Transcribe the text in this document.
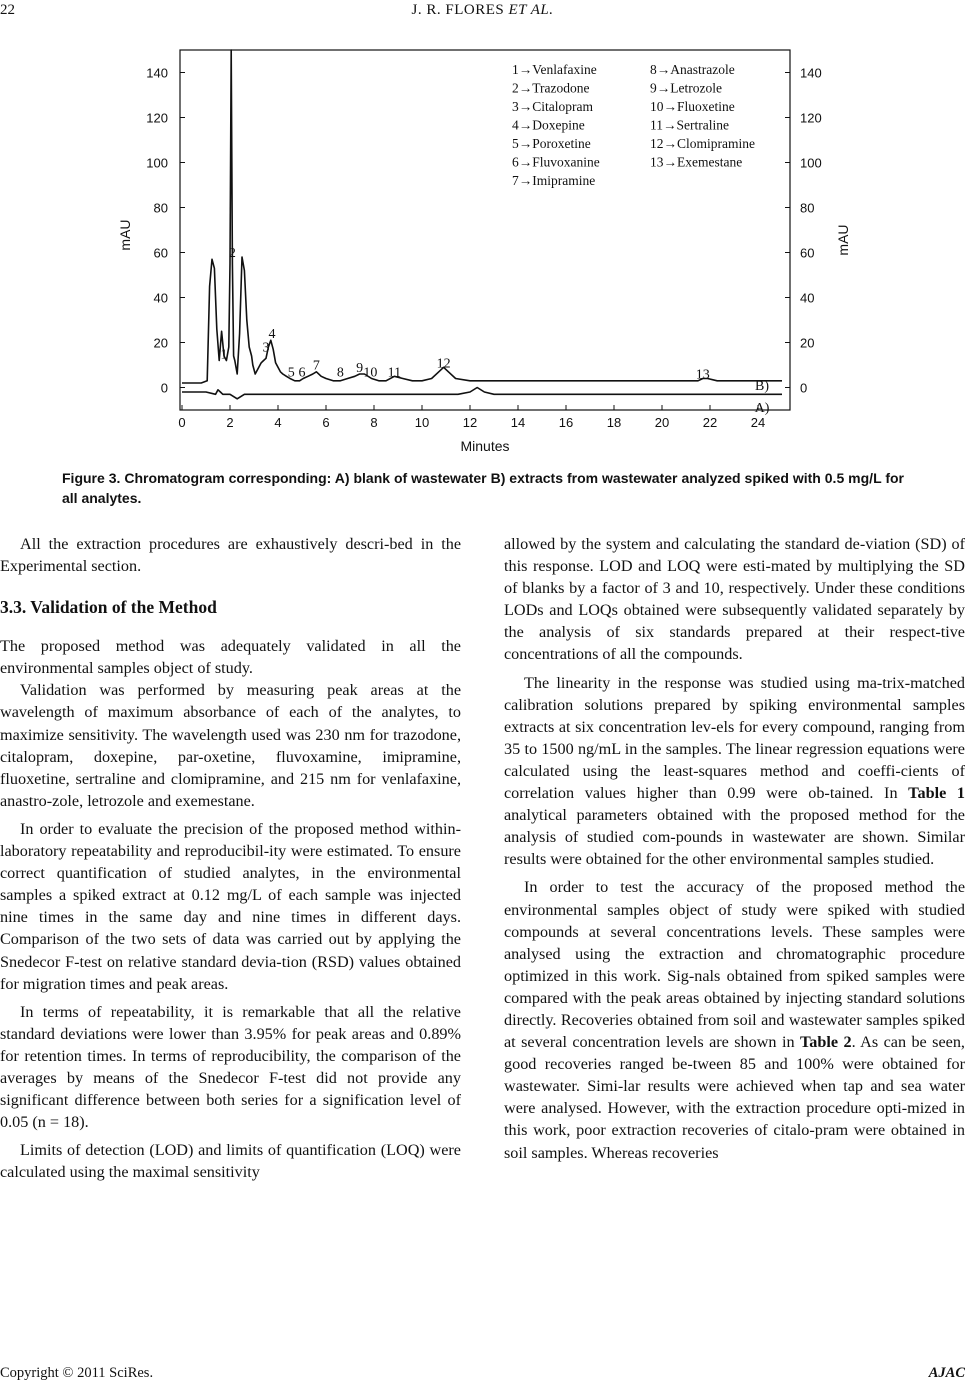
22	J. R. FLORES ET AL.
0	2	4	6	8	10	12	14	16	18	20	22	24
0	0
20	20
40	40
60	60
80	80
100	100
120	120
140	140
B)
A)
1
2
3
4
5 6 7 8 9 10 11
12
13
1→Venlafaxine
2→Trazodone
3→Citalopram
4→Doxepine
5→Poroxetine
6→Fluvoxanine
7→Imipramine
8→Anastrazole
9→Letrozole
10→Fluoxetine
11→Sertraline
12→Clomipramine
13→Exemestane
Minutes
mAU	mAU
Figure 3. Chromatogram corresponding: A) blank of wastewater B) extracts from wastewater analyzed spiked with 0.5 mg/L for all analytes.

All the extraction procedures are exhaustively descri-bed in the Experimental section.

3.3. Validation of the Method

The proposed method was adequately validated in all the environmental samples object of study.

Validation was performed by measuring peak areas at the wavelength of maximum absorbance of each of the analytes, to maximize sensitivity. The wavelength used was 230 nm for trazodone, citalopram, doxepine, par-oxetine, fluvoxamine, imipramine, fluoxetine, sertraline and clomipramine, and 215 nm for venlafaxine, anastro-zole, letrozole and exemestane.

In order to evaluate the precision of the proposed method within-laboratory repeatability and reproducibil-ity were estimated. To ensure correct quantification of studied analytes, in the environmental samples a spiked extract at 0.12 mg/L of each sample was injected nine times in the same day and nine times in different days. Comparison of the two sets of data was carried out by applying the Snedecor F-test on relative standard devia-tion (RSD) values obtained for migration times and peak areas.

In terms of repeatability, it is remarkable that all the relative standard deviations were lower than 3.95% for peak areas and 0.89% for retention times. In terms of reproducibility, the comparison of the averages by means of the Snedecor F-test did not provide any significant difference between both series for a signification level of 0.05 (n = 18).

Limits of detection (LOD) and limits of quantification (LOQ) were calculated using the maximal sensitivity

allowed by the system and calculating the standard de-viation (SD) of this response. LOD and LOQ were esti-mated by multiplying the SD of blanks by a factor of 3 and 10, respectively. Under these conditions LODs and LOQs obtained were subsequently validated separately by the analysis of six standards prepared at their respect-tive concentrations of all the compounds.

The linearity in the response was studied using ma-trix-matched calibration solutions prepared by spiking environmental samples extracts at six concentration lev-els for every compound, ranging from 35 to 1500 ng/mL in the samples. The linear regression equations were calculated using the least-squares method and coeffi-cients of correlation values higher than 0.99 were ob-tained. In Table 1 analytical parameters obtained with the proposed method for the analysis of studied com-pounds in wastewater are shown. Similar results were obtained for the other environmental samples studied.

In order to test the accuracy of the proposed method the environmental samples object of study were spiked with studied compounds at several concentrations levels. These samples were analysed using the extraction and chromatographic procedure optimized in this work. Sig-nals obtained from spiked samples were compared with the peak areas obtained by injecting standard solutions directly. Recoveries obtained from soil and wastewater samples spiked at several concentration levels are shown in Table 2. As can be seen, good recoveries ranged be-tween 85 and 100% were obtained for wastewater. Simi-lar results were achieved when tap and sea water were analysed. However, with the extraction procedure opti-mized in this work, poor extraction recoveries of citalo-pram were obtained in soil samples. Whereas recoveries

Copyright © 2011 SciRes.	AJAC
